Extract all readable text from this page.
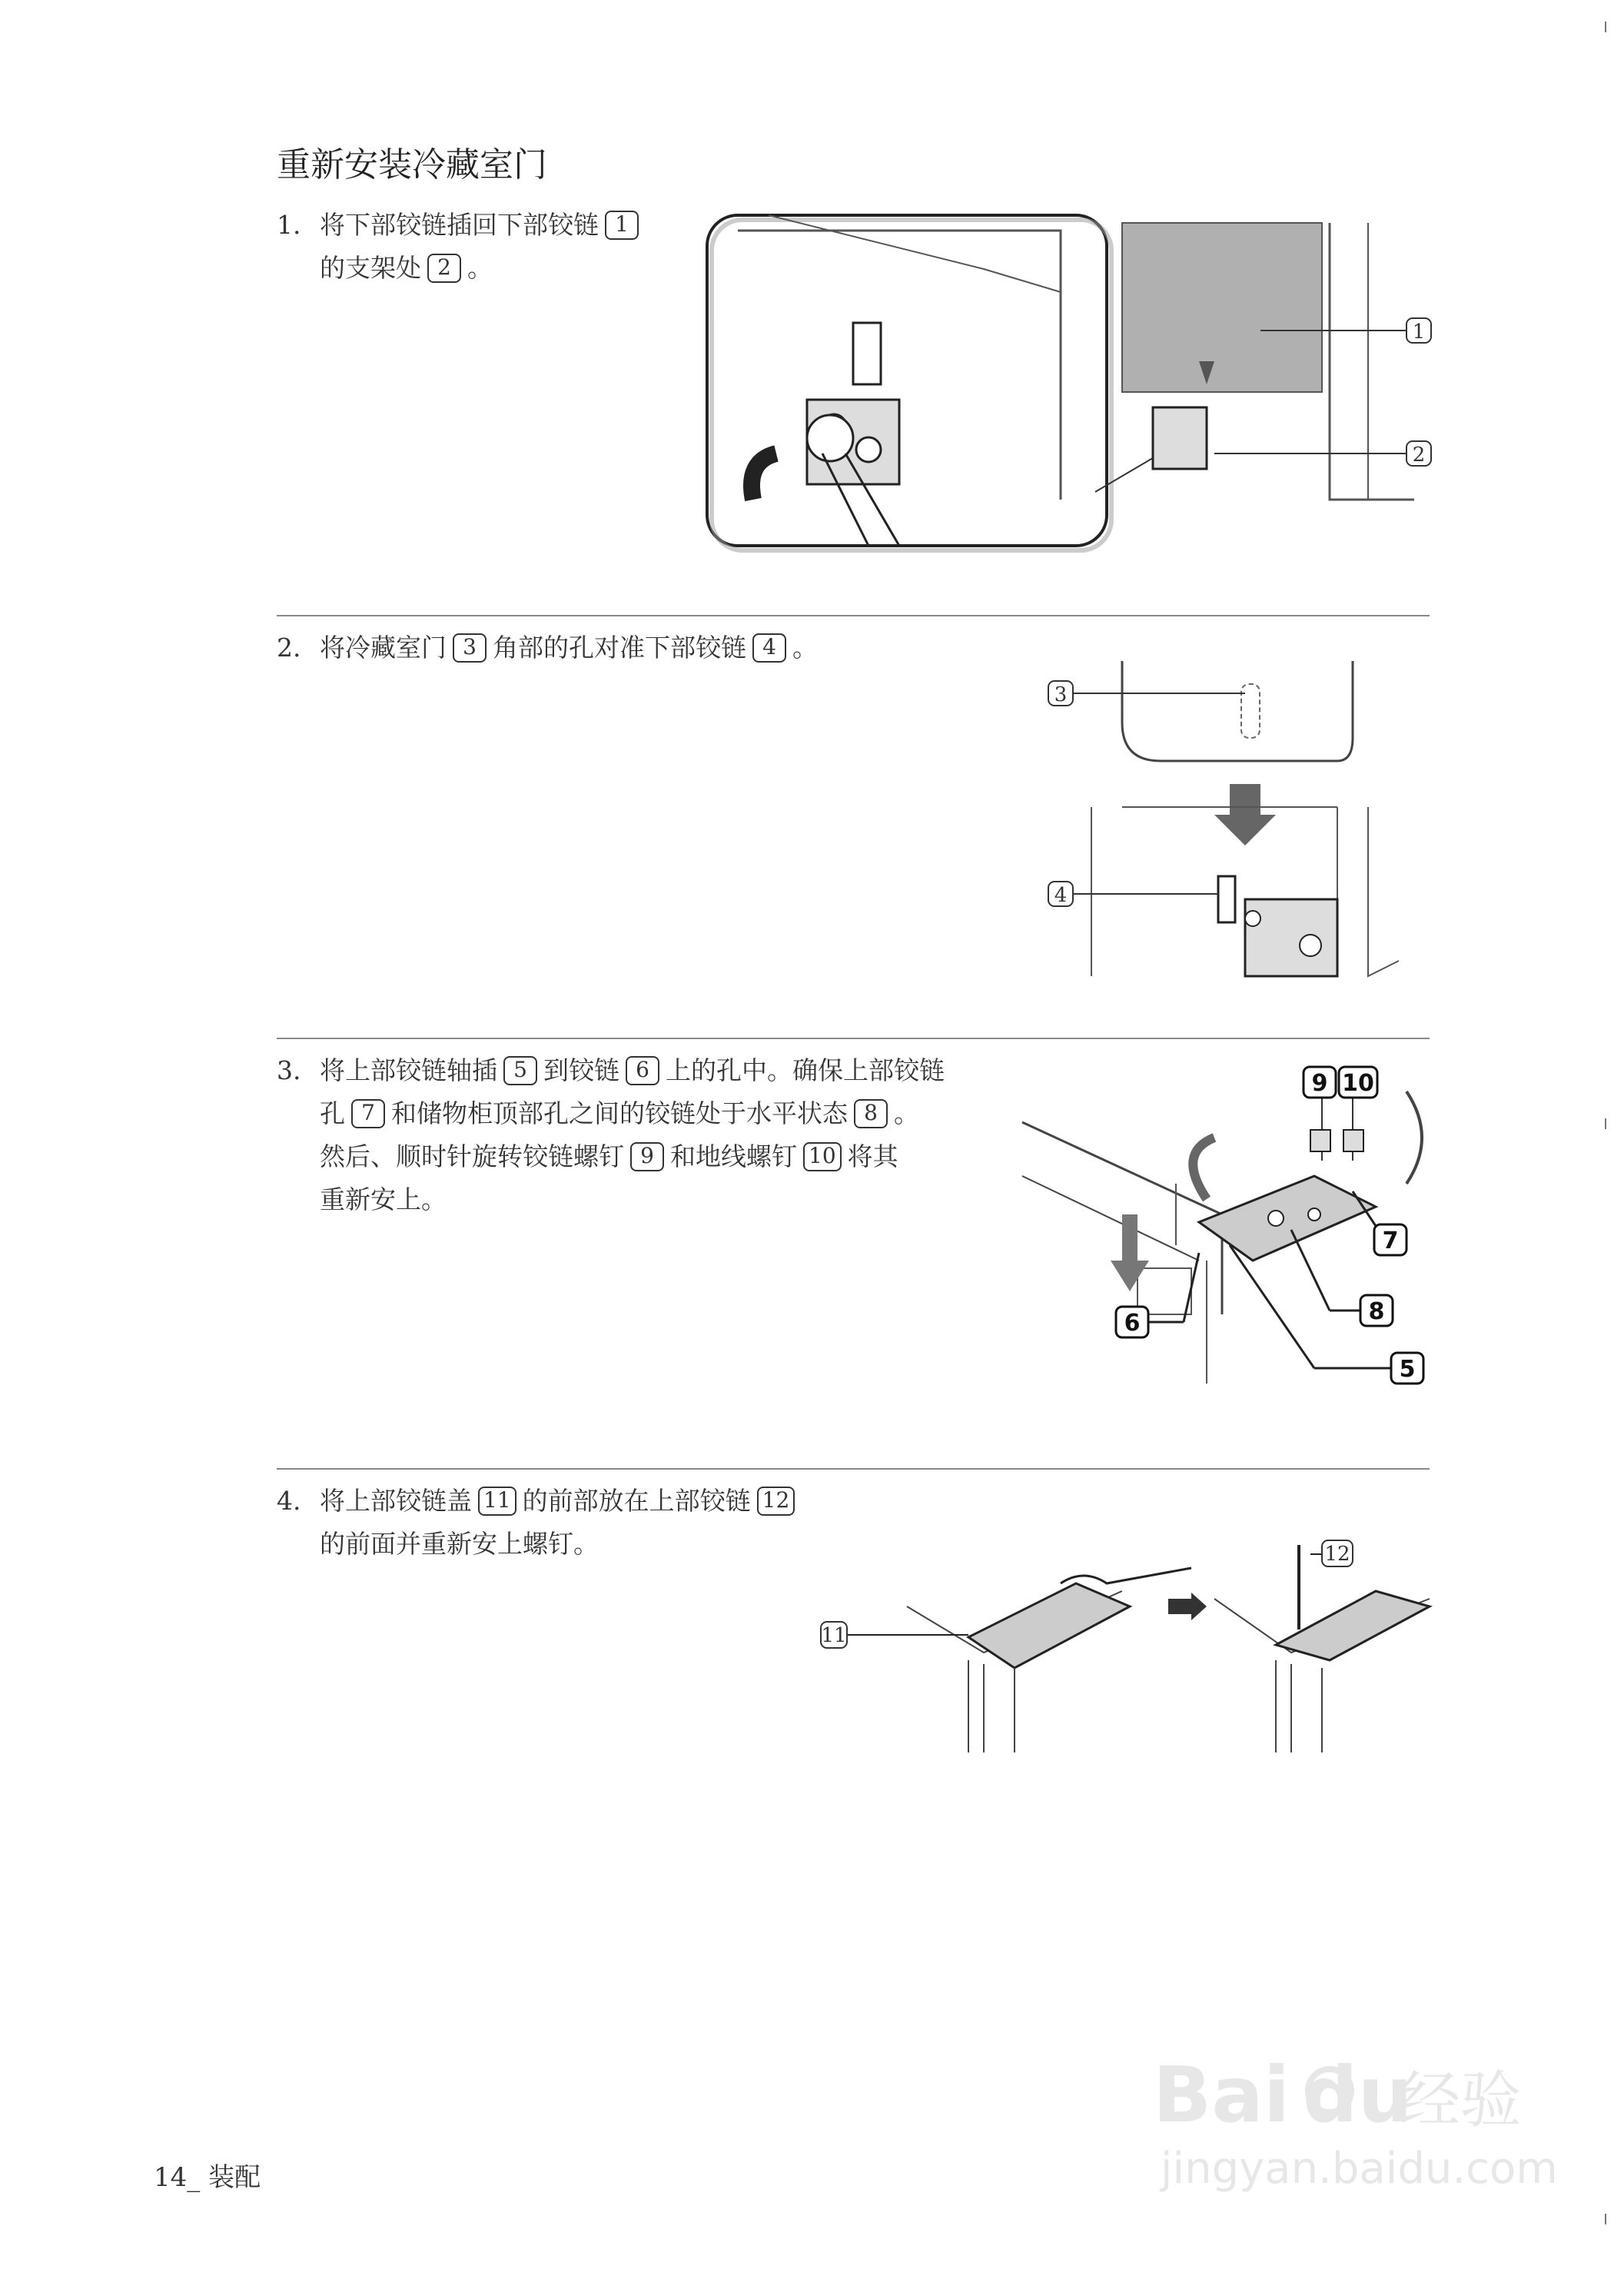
重新安装冷藏室门
1. 将下部铰链插回下部铰链 1
的支架处 2 。
1
2
2. 将冷藏室门 3 角部的孔对准下部铰链 4 。
3
4
3. 将上部铰链轴插 5 到铰链 6 上的孔中。确保上部铰链
孔 7 和储物柜顶部孔之间的铰链处于水平状态 8 。
然后、顺时针旋转铰链螺钉 9 和地线螺钉 10 将其
重新安上。
9 10
7
8
6
5
4. 将上部铰链盖 11 的前部放在上部铰链 12
的前面并重新安上螺钉。
11
12
Bai du
经验
jingyan.baidu.com
14_ 装配
